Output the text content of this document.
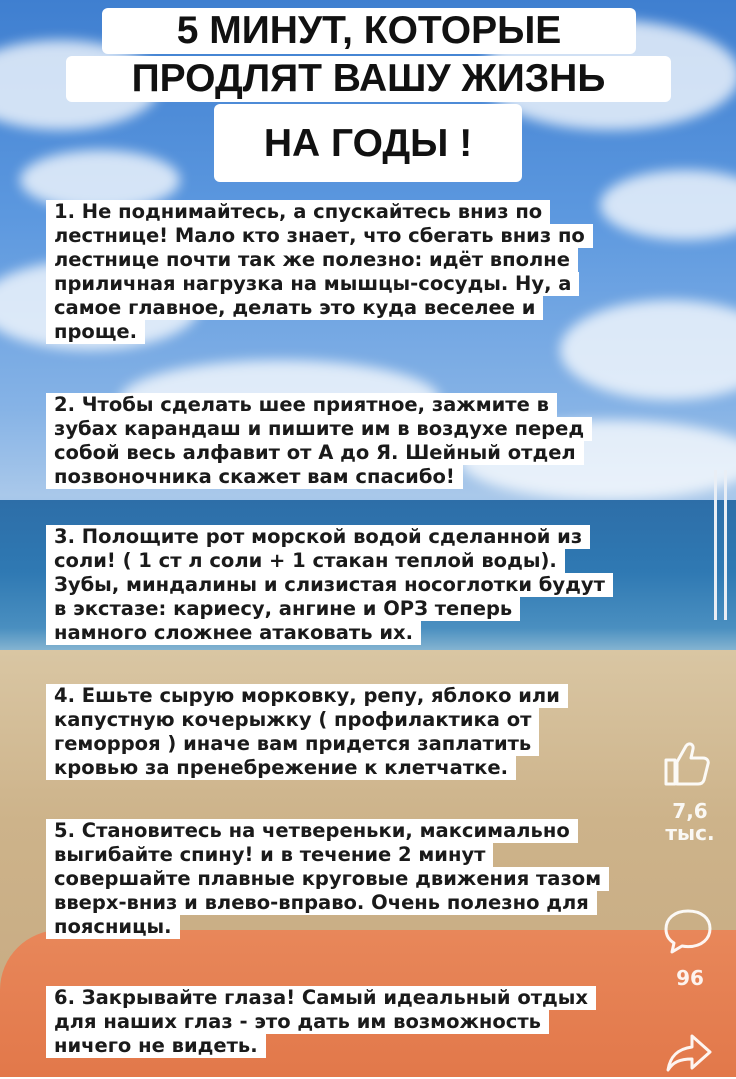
5 МИНУТ, КОТОРЫЕ
ПРОДЛЯТ ВАШУ ЖИЗНЬ
НА ГОДЫ !
1. Не поднимайтесь, а спускайтесь вниз по
лестнице! Мало кто знает, что сбегать вниз по
лестнице почти так же полезно: идёт вполне
приличная нагрузка на мышцы-сосуды. Ну, а
самое главное, делать это куда веселее и
проще.
2. Чтобы сделать шее приятное, зажмите в
зубах карандаш и пишите им в воздухе перед
собой весь алфавит от А до Я. Шейный отдел
позвоночника скажет вам спасибо!
3. Полощите рот морской водой сделанной из
соли! ( 1 ст л соли + 1 стакан теплой воды).
Зубы, миндалины и слизистая носоглотки будут
в экстазе: кариесу, ангине и ОРЗ теперь
намного сложнее атаковать их.
4. Ешьте сырую морковку, репу, яблоко или
капустную кочерыжку ( профилактика от
геморроя ) иначе вам придется заплатить
кровью за пренебрежение к клетчатке.
5. Становитесь на четвереньки, максимально
выгибайте спину! и в течение 2 минут
совершайте плавные круговые движения тазом
вверх-вниз и влево-вправо. Очень полезно для
поясницы.
6. Закрывайте глаза! Самый идеальный отдых
для наших глаз - это дать им возможность
ничего не видеть.
7,6
тыс.
96
